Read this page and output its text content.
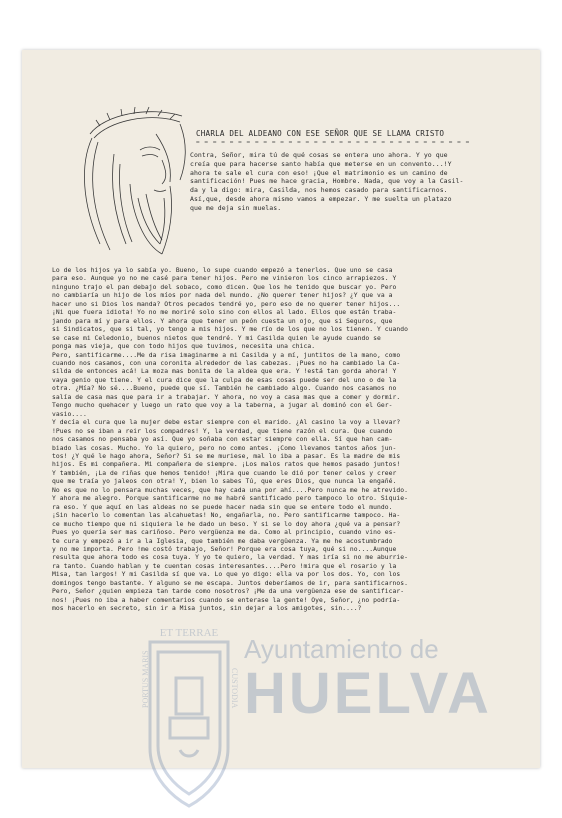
CHARLA DEL ALDEANO CON ESE SEÑOR QUE SE LLAMA CRISTO
= = = = = = = = = = = = = = = = = = = = = = = = = = = = = = = = =
Contra, Señor, mira tú de qué cosas se entera uno ahora. Y yo que
creía que para hacerse santo había que meterse en un convento...!Y
ahora te sale el cura con eso! ¡Que el matrimonio es un camino de
santificación! Pues me hace gracia, Hombre. Nada, que voy a la Casil-
da y la digo: mira, Casilda, nos hemos casado para santificarnos.
Así,que, desde ahora mismo vamos a empezar. Y me suelta un platazo
que me deja sin muelas.
Lo de los hijos ya lo sabía yo. Bueno, lo supe cuando empezó a tenerlos. Que uno se casa
para eso. Aunque yo no me casé para tener hijos. Pero me vinieron los cinco arrapiezos. Y
ninguno trajo el pan debajo del sobaco, como dicen. Que los he tenido que buscar yo. Pero
no cambiaría un hijo de los míos por nada del mundo. ¿No querer tener hijos? ¿Y que va a
hacer uno si Dios los manda? Otros pecados tendré yo, pero eso de no querer tener hijos...
¡Ni que fuera idiota! Yo no me moriré solo sino con ellos al lado. Ellos que están traba-
jando para mí y para ellos. Y ahora que tener un peón cuesta un ojo, que si Seguros, que
si Sindicatos, que si tal, yo tengo a mis hijos. Y me río de los que no los tienen. Y cuando
se case mi Celedonio, buenos nietos que tendré. Y mi Casilda quien le ayude cuando se
ponga mas vieja, que con todo hijos que tuvimos, necesita una chica.
Pero, santificarme....Me da risa imaginarme a mi Casilda y a mí, juntitos de la mano, como
cuando nos casamos, con una coronita alrededor de las cabezas. ¡Pues no ha cambiado la Ca-
silda de entonces acá! La moza mas bonita de la aldea que era. Y !está tan gorda ahora! Y
vaya genio que tiene. Y el cura dice que la culpa de esas cosas puede ser del uno o de la
otra. ¿Mía? No sé....Bueno, puede que sí. También he cambiado algo. Cuando nos casamos no
salía de casa mas que para ir a trabajar. Y ahora, no voy a casa mas que a comer y dormir.
Tengo mucho quehacer y luego un rato que voy a la taberna, a jugar al dominó con el Ger-
vasio....
Y decía el cura que la mujer debe estar siempre con el marido. ¿Al casino la voy a llevar?
!Pues no se iban a reir los compadres! Y, la verdad, que tiene razón el cura. Que cuando
nos casamos no pensaba yo así. Que yo soñaba con estar siempre con ella. Sí que han cam-
biado las cosas. Mucho. Yo la quiero, pero no como antes. ¡Como llevamos tantos años jun-
tos! ¿Y qué le hago ahora, Señor? Si se me muriese, mal lo iba a pasar. Es la madre de mis
hijos. Es mi compañera. Mi compañera de siempre. ¡Los malos ratos que hemos pasado juntos!
Y también, ¡La de riñas que hemos tenido! ¡Mira que cuando le dió por tener celos y creer
que me traía yo jaleos con otra! Y, bien lo sabes Tú, que eres Dios, que nunca la engañé.
No es que no lo pensara muchas veces, que hay cada una por ahí....Pero nunca me he atrevido.
Y ahora me alegro. Porque santificarme no me habré santificado pero tampoco lo otro. Siquie-
ra eso. Y que aquí en las aldeas no se puede hacer nada sin que se entere todo el mundo.
¡Sin hacerlo lo comentan las alcahuetas! No, engañarla, no. Pero santificarme tampoco. Ha-
ce mucho tiempo que ni siquiera le he dado un beso. Y si se lo doy ahora ¿qué va a pensar?
Pues yo quería ser mas cariñoso. Pero vergüenza me da. Como al principio, cuando vino es-
te cura y empezó a ir a la Iglesia, que también me daba vergüenza. Ya me he acostumbrado
y no me importa. Pero !me costó trabajo, Señor! Porque era cosa tuya, qué si no....Aunque
resulta que ahora todo es cosa tuya. Y yo te quiero, la verdad. Y mas iría si no me aburrie-
ra tanto. Cuando hablan y te cuentan cosas interesantes....Pero !mira que el rosario y la
Misa, tan largos! Y mi Casilda sí que va. Lo que yo digo: ella va por los dos. Yo, con los
domingos tengo bastante. Y alguno se me escapa. Juntos deberíamos de ir, para santificarnos.
Pero, Señor ¿quien empieza tan tarde como nosotros? ¡Me da una vergüenza ese de santificar-
nos! ¡Pues no iba a haber comentarios cuando se enterase la gente! Oye, Señor, ¿no podría-
mos hacerlo en secreto, sin ir a Misa juntos, sin dejar a los amigotes, sin....?
ET TERRAE
PORTUS MARIS	CUSTODIA
Ayuntamiento de
HUELVA
